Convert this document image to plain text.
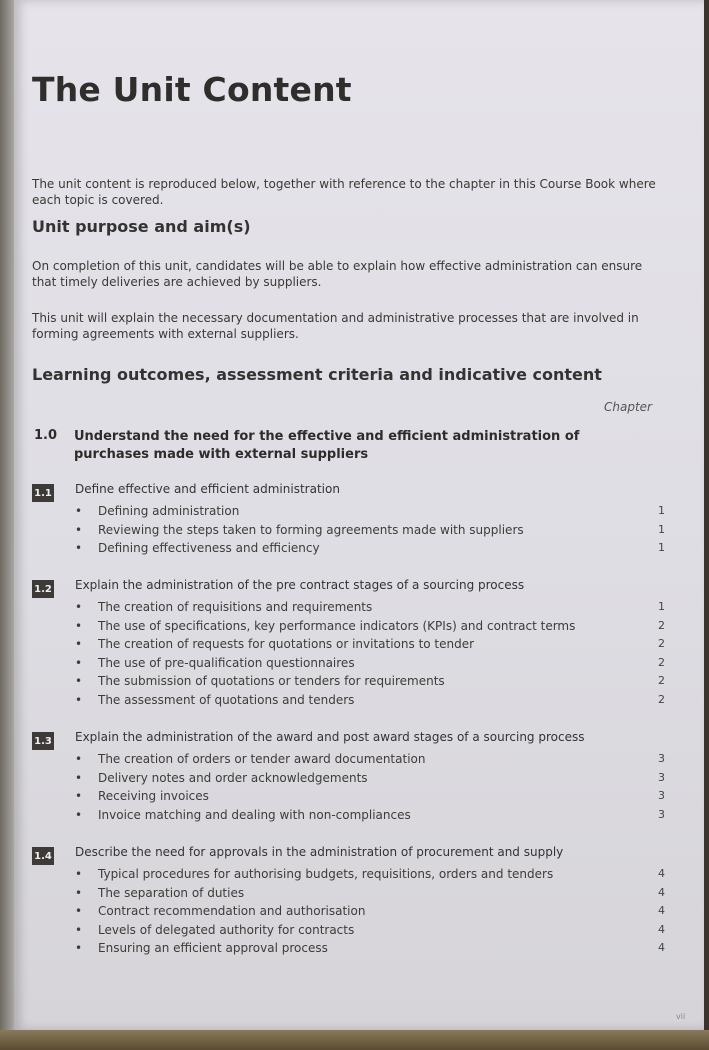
The Unit Content
The unit content is reproduced below, together with reference to the chapter in this Course Book where each topic is covered.
Unit purpose and aim(s)
On completion of this unit, candidates will be able to explain how effective administration can ensure that timely deliveries are achieved by suppliers.
This unit will explain the necessary documentation and administrative processes that are involved in forming agreements with external suppliers.
Learning outcomes, assessment criteria and indicative content
Chapter
1.0 Understand the need for the effective and efficient administration of purchases made with external suppliers
1.1 Define effective and efficient administration
• Defining administration	1
• Reviewing the steps taken to forming agreements made with suppliers	1
• Defining effectiveness and efficiency	1
1.2 Explain the administration of the pre contract stages of a sourcing process
• The creation of requisitions and requirements	1
• The use of specifications, key performance indicators (KPIs) and contract terms	2
• The creation of requests for quotations or invitations to tender	2
• The use of pre-qualification questionnaires	2
• The submission of quotations or tenders for requirements	2
• The assessment of quotations and tenders	2
1.3 Explain the administration of the award and post award stages of a sourcing process
• The creation of orders or tender award documentation	3
• Delivery notes and order acknowledgements	3
• Receiving invoices	3
• Invoice matching and dealing with non-compliances	3
1.4 Describe the need for approvals in the administration of procurement and supply
• Typical procedures for authorising budgets, requisitions, orders and tenders	4
• The separation of duties	4
• Contract recommendation and authorisation	4
• Levels of delegated authority for contracts	4
• Ensuring an efficient approval process	4
vii
